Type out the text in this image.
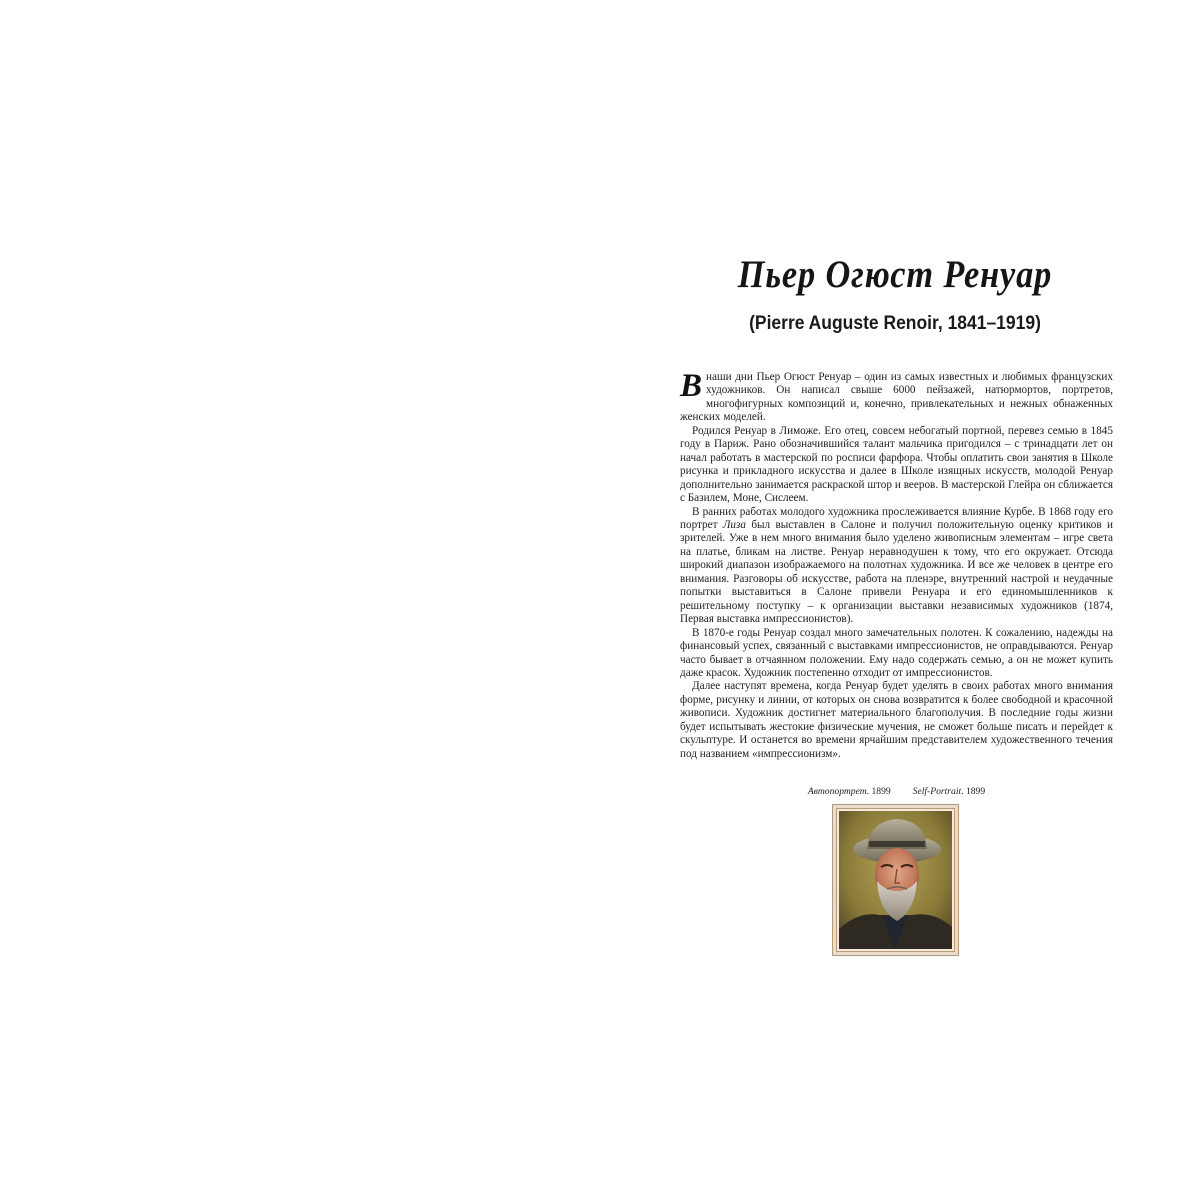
Пьер Огюст Ренуар
(Pierre Auguste Renoir, 1841–1919)

В наши дни Пьер Огюст Ренуар – один из самых известных и любимых французских художников. Он написал свыше 6000 пейзажей, натюрмортов, портретов, многофигурных композиций и, конечно, привлекательных и нежных обнаженных женских моделей.

Родился Ренуар в Лиможе. Его отец, совсем небогатый портной, перевез семью в 1845 году в Париж. Рано обозначившийся талант мальчика пригодился – с тринадцати лет он начал работать в мастерской по росписи фарфора. Чтобы оплатить свои занятия в Школе рисунка и прикладного искусства и далее в Школе изящных искусств, молодой Ренуар дополнительно занимается раскраской штор и вееров. В мастерской Глейра он сближается с Базилем, Моне, Сислеем.

В ранних работах молодого художника прослеживается влияние Курбе. В 1868 году его портрет Лиза был выставлен в Салоне и получил положительную оценку критиков и зрителей. Уже в нем много внимания было уделено живописным элементам – игре света на платье, бликам на листве. Ренуар неравнодушен к тому, что его окружает. Отсюда широкий диапазон изображаемого на полотнах художника. И все же человек в центре его внимания. Разговоры об искусстве, работа на пленэре, внутренний настрой и неудачные попытки выставиться в Салоне привели Ренуара и его единомышленников к решительному поступку – к организации выставки независимых художников (1874, Первая выставка импрессионистов).

В 1870-е годы Ренуар создал много замечательных полотен. К сожалению, надежды на финансовый успех, связанный с выставками импрессионистов, не оправдываются. Ренуар часто бывает в отчаянном положении. Ему надо содержать семью, а он не может купить даже красок. Художник постепенно отходит от импрессионистов.

Далее наступят времена, когда Ренуар будет уделять в своих работах много внимания форме, рисунку и линии, от которых он снова возвратится к более свободной и красочной живописи. Художник достигнет материального благополучия. В последние годы жизни будет испытывать жестокие физические мучения, не сможет больше писать и перейдет к скульптуре. И останется во времени ярчайшим представителем художественного течения под названием «импрессионизм».

Автопортрет. 1899 Self-Portrait. 1899
